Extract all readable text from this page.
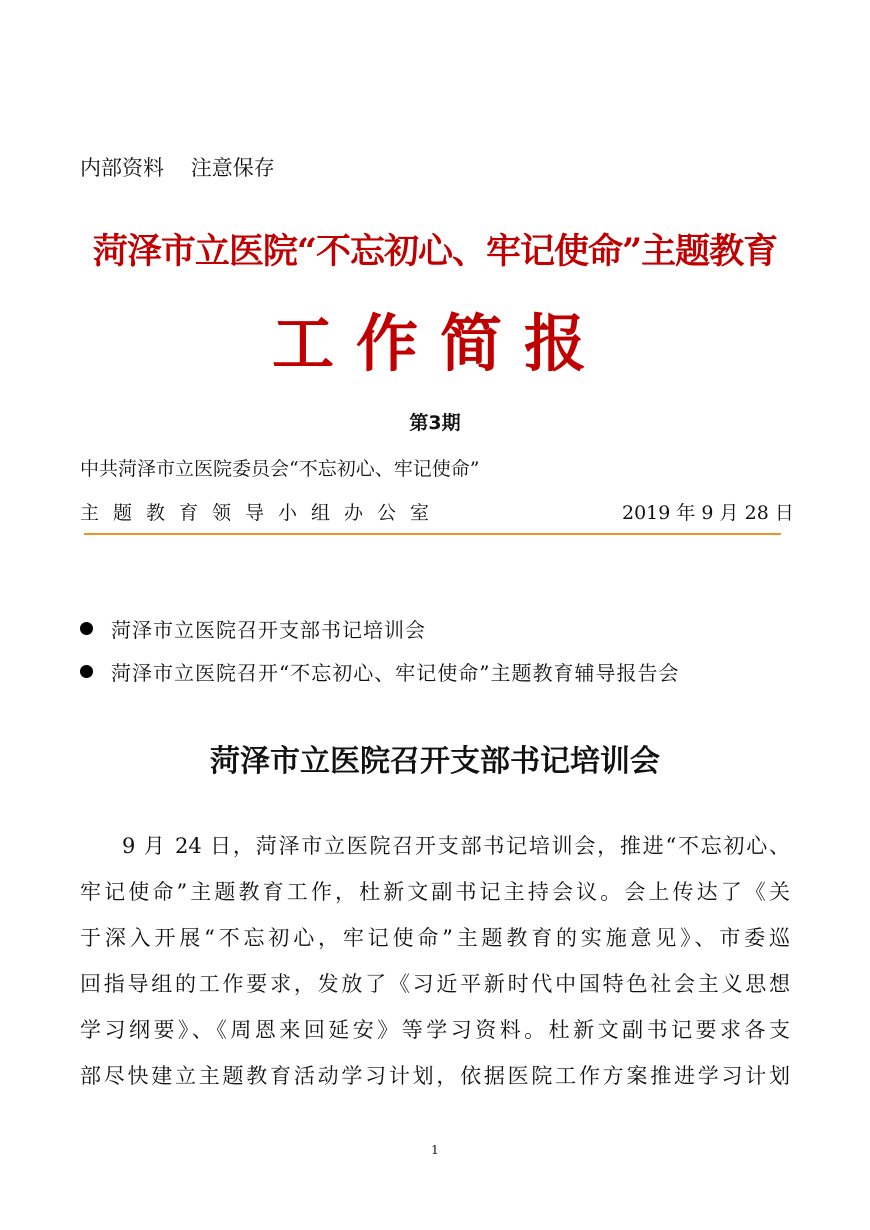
内部资料    注意保存
菏泽市立医院“不忘初心、牢记使命”主题教育
工作简报
第3期
中共菏泽市立医院委员会“不忘初心、牢记使命”
主题教育领导小组办公室	2019 年 9 月 28 日
菏泽市立医院召开支部书记培训会
菏泽市立医院召开“不忘初心、牢记使命”主题教育辅导报告会
菏泽市立医院召开支部书记培训会
9 月 24 日，菏泽市立医院召开支部书记培训会，推进“不忘初心、
牢记使命”主题教育工作，杜新文副书记主持会议。会上传达了《关
于深入开展“不忘初心，牢记使命”主题教育的实施意见》、市委巡
回指导组的工作要求，发放了《习近平新时代中国特色社会主义思想
学习纲要》、《周恩来回延安》等学习资料。杜新文副书记要求各支
部尽快建立主题教育活动学习计划，依据医院工作方案推进学习计划
1
